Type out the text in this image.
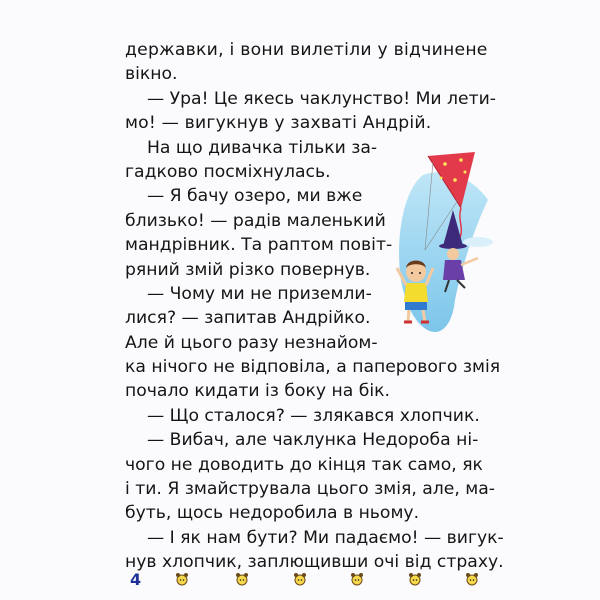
державки, і вони вилетіли у відчинене
вікно.
— Ура! Це якесь чаклунство! Ми лети-
мо! — вигукнув у захваті Андрій.
На що дивачка тільки за-
гадково посміхнулась.
— Я бачу озеро, ми вже
близько! — радів маленький
мандрівник. Та раптом повіт-
ряний змій різко повернув.
— Чому ми не приземли-
лися? — запитав Андрійко.
Але й цього разу незнайом-
ка нічого не відповіла, а паперового змія
почало кидати із боку на бік.
— Що сталося? — злякався хлопчик.
— Вибач, але чаклунка Недороба ні-
чого не доводить до кінця так само, як
і ти. Я змайструвала цього змія, але, ма-
буть, щось недоробила в ньому.
— І як нам бути? Ми падаємо! — вигук-
нув хлопчик, заплющивши очі від страху.
4
